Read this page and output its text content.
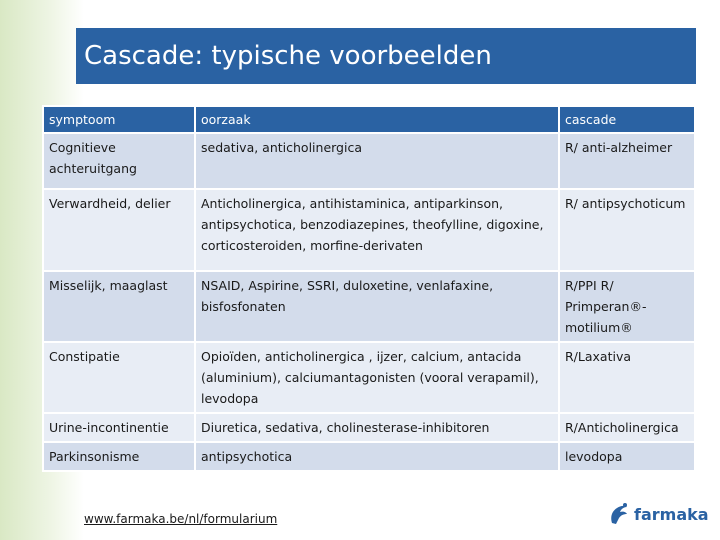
Cascade: typische voorbeelden
symptoom	oorzaak	cascade
Cognitieve achteruitgang	sedativa, anticholinergica	R/ anti-alzheimer
Verwardheid, delier	Anticholinergica, antihistaminica, antiparkinson, antipsychotica, benzodiazepines, theofylline, digoxine, corticosteroiden, morfine-derivaten	R/ antipsychoticum
Misselijk, maaglast	NSAID, Aspirine, SSRI, duloxetine, venlafaxine, bisfosfonaten	R/PPI R/ Primperan®-motilium®
Constipatie	Opioïden, anticholinergica , ijzer, calcium, antacida (aluminium), calciumantagonisten (vooral verapamil), levodopa	R/Laxativa
Urine-incontinentie	Diuretica, sedativa, cholinesterase-inhibitoren	R/Anticholinergica
Parkinsonisme	antipsychotica	levodopa
www.farmaka.be/nl/formularium	farmaka
